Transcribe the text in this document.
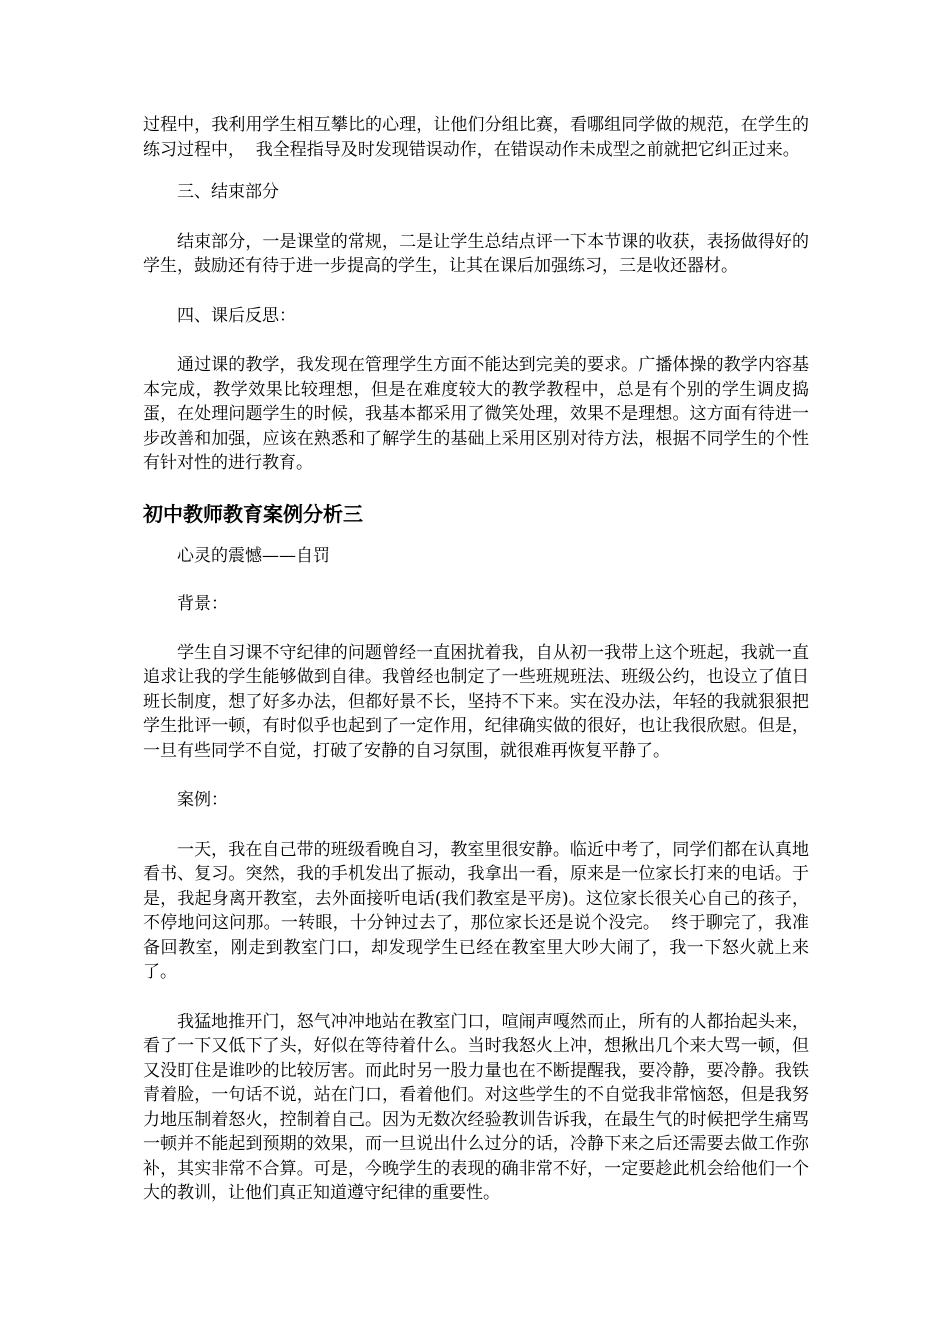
过程中，我利用学生相互攀比的心理，让他们分组比赛，看哪组同学做的规范，在学生的练习过程中，  我全程指导及时发现错误动作，在错误动作未成型之前就把它纠正过来。

三、结束部分

结束部分，一是课堂的常规，二是让学生总结点评一下本节课的收获，表扬做得好的学生，鼓励还有待于进一步提高的学生，让其在课后加强练习，三是收还器材。

四、课后反思：

通过课的教学，我发现在管理学生方面不能达到完美的要求。广播体操的教学内容基本完成，教学效果比较理想，但是在难度较大的教学教程中，总是有个别的学生调皮捣蛋，在处理问题学生的时候，我基本都采用了微笑处理，效果不是理想。这方面有待进一步改善和加强，应该在熟悉和了解学生的基础上采用区别对待方法，根据不同学生的个性有针对性的进行教育。

初中教师教育案例分析三

心灵的震憾——自罚

背景：

学生自习课不守纪律的问题曾经一直困扰着我，自从初一我带上这个班起，我就一直追求让我的学生能够做到自律。我曾经也制定了一些班规班法、班级公约，也设立了值日班长制度，想了好多办法，但都好景不长，坚持不下来。实在没办法，年轻的我就狠狠把学生批评一顿，有时似乎也起到了一定作用，纪律确实做的很好，也让我很欣慰。但是，一旦有些同学不自觉，打破了安静的自习氛围，就很难再恢复平静了。

案例：

一天，我在自己带的班级看晚自习，教室里很安静。临近中考了，同学们都在认真地看书、复习。突然，我的手机发出了振动，我拿出一看，原来是一位家长打来的电话。于是，我起身离开教室，去外面接听电话(我们教室是平房)。这位家长很关心自己的孩子，不停地问这问那。一转眼，十分钟过去了，那位家长还是说个没完。  终于聊完了，我准备回教室，刚走到教室门口，却发现学生已经在教室里大吵大闹了，我一下怒火就上来了。

我猛地推开门，怒气冲冲地站在教室门口，喧闹声嘎然而止，所有的人都抬起头来，看了一下又低下了头，好似在等待着什么。当时我怒火上冲，想揪出几个来大骂一顿，但又没盯住是谁吵的比较厉害。而此时另一股力量也在不断提醒我，要冷静，要冷静。我铁青着脸，一句话不说，站在门口，看着他们。对这些学生的不自觉我非常恼怒，但是我努力地压制着怒火，控制着自己。因为无数次经验教训告诉我，在最生气的时候把学生痛骂一顿并不能起到预期的效果，而一旦说出什么过分的话，冷静下来之后还需要去做工作弥补，其实非常不合算。可是，今晚学生的表现的确非常不好，一定要趁此机会给他们一个大的教训，让他们真正知道遵守纪律的重要性。
